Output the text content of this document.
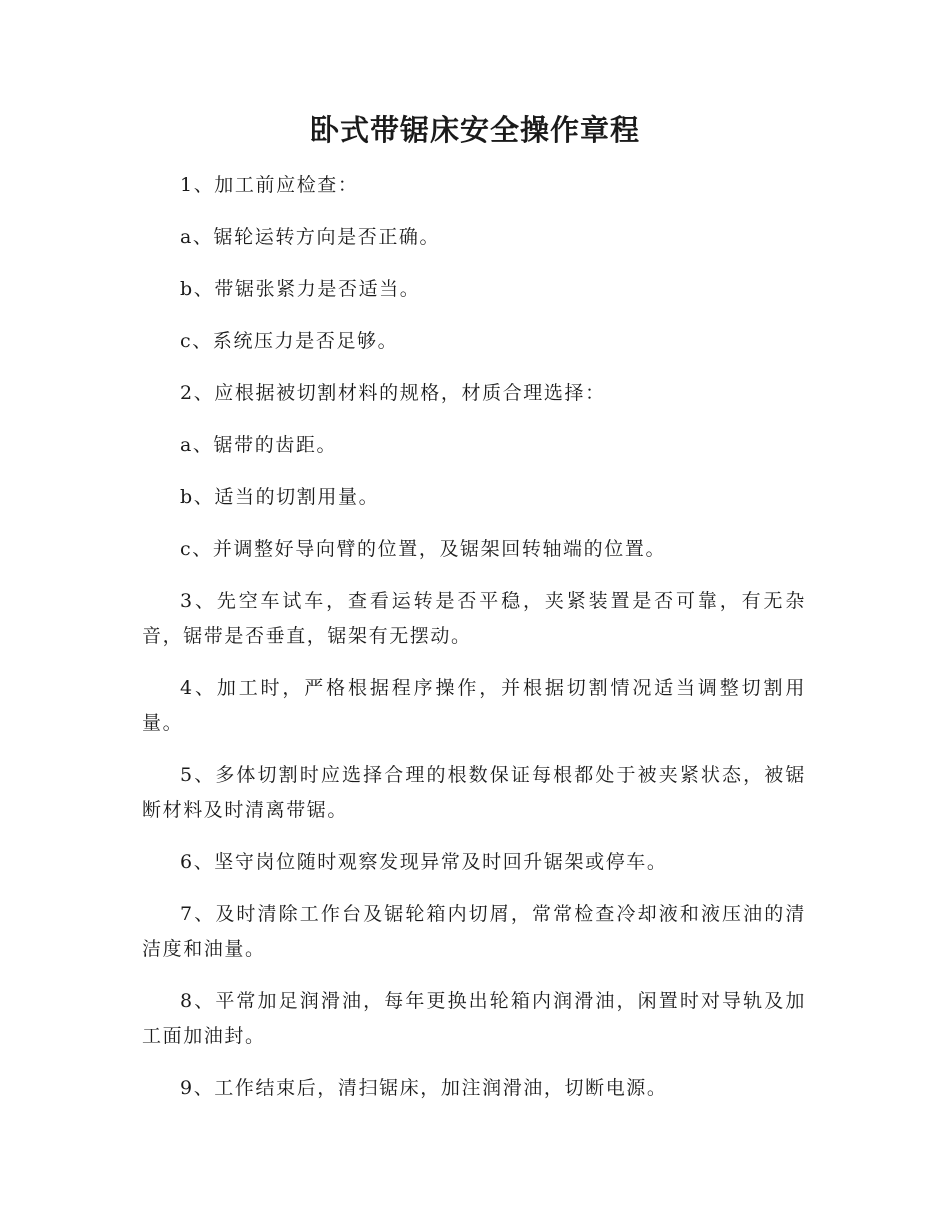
卧式带锯床安全操作章程

1、加工前应检查：

a、锯轮运转方向是否正确。

b、带锯张紧力是否适当。

c、系统压力是否足够。

2、应根据被切割材料的规格，材质合理选择：

a、锯带的齿距。

b、适当的切割用量。

c、并调整好导向臂的位置，及锯架回转轴端的位置。

3、先空车试车，查看运转是否平稳，夹紧装置是否可靠，有无杂音，锯带是否垂直，锯架有无摆动。

4、加工时，严格根据程序操作，并根据切割情况适当调整切割用量。

5、多体切割时应选择合理的根数保证每根都处于被夹紧状态，被锯断材料及时清离带锯。

6、坚守岗位随时观察发现异常及时回升锯架或停车。

7、及时清除工作台及锯轮箱内切屑，常常检查冷却液和液压油的清洁度和油量。

8、平常加足润滑油，每年更换出轮箱内润滑油，闲置时对导轨及加工面加油封。

9、工作结束后，清扫锯床，加注润滑油，切断电源。
